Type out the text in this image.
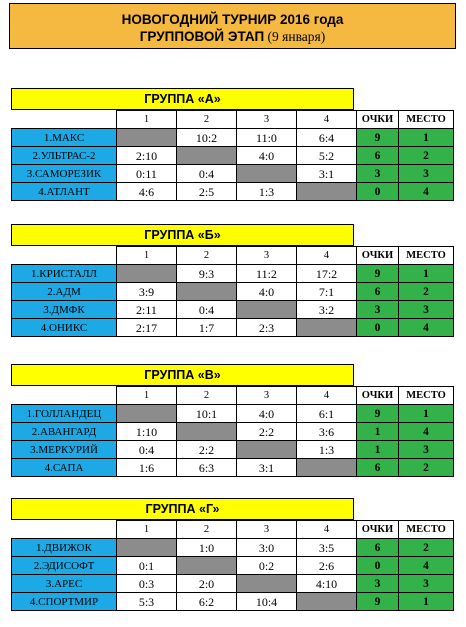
НОВОГОДНИЙ ТУРНИР 2016 года
ГРУППОВОЙ ЭТАП (9 января)
ГРУППА «А»
	1	2	3	4	ОЧКИ	МЕСТО
1.МАКС		10:2	11:0	6:4	9	1
2.УЛЬТРАС-2	2:10		4:0	5:2	6	2
3.САМОРЕЗИК	0:11	0:4		3:1	3	3
4.АТЛАНТ	4:6	2:5	1:3		0	4
ГРУППА «Б»
	1	2	3	4	ОЧКИ	МЕСТО
1.КРИСТАЛЛ		9:3	11:2	17:2	9	1
2.АДМ	3:9		4:0	7:1	6	2
3.ДМФК	2:11	0:4		3:2	3	3
4.ОНИКС	2:17	1:7	2:3		0	4
ГРУППА «В»
	1	2	3	4	ОЧКИ	МЕСТО
1.ГОЛЛАНДЕЦ		10:1	4:0	6:1	9	1
2.АВАНГАРД	1:10		2:2	3:6	1	4
3.МЕРКУРИЙ	0:4	2:2		1:3	1	3
4.САПА	1:6	6:3	3:1		6	2
ГРУППА «Г»
	1	2	3	4	ОЧКИ	МЕСТО
1.ДВИЖОК		1:0	3:0	3:5	6	2
2.ЭДИСОФТ	0:1		0:2	2:6	0	4
3.АРЕС	0:3	2:0		4:10	3	3
4.СПОРТМИР	5:3	6:2	10:4		9	1
